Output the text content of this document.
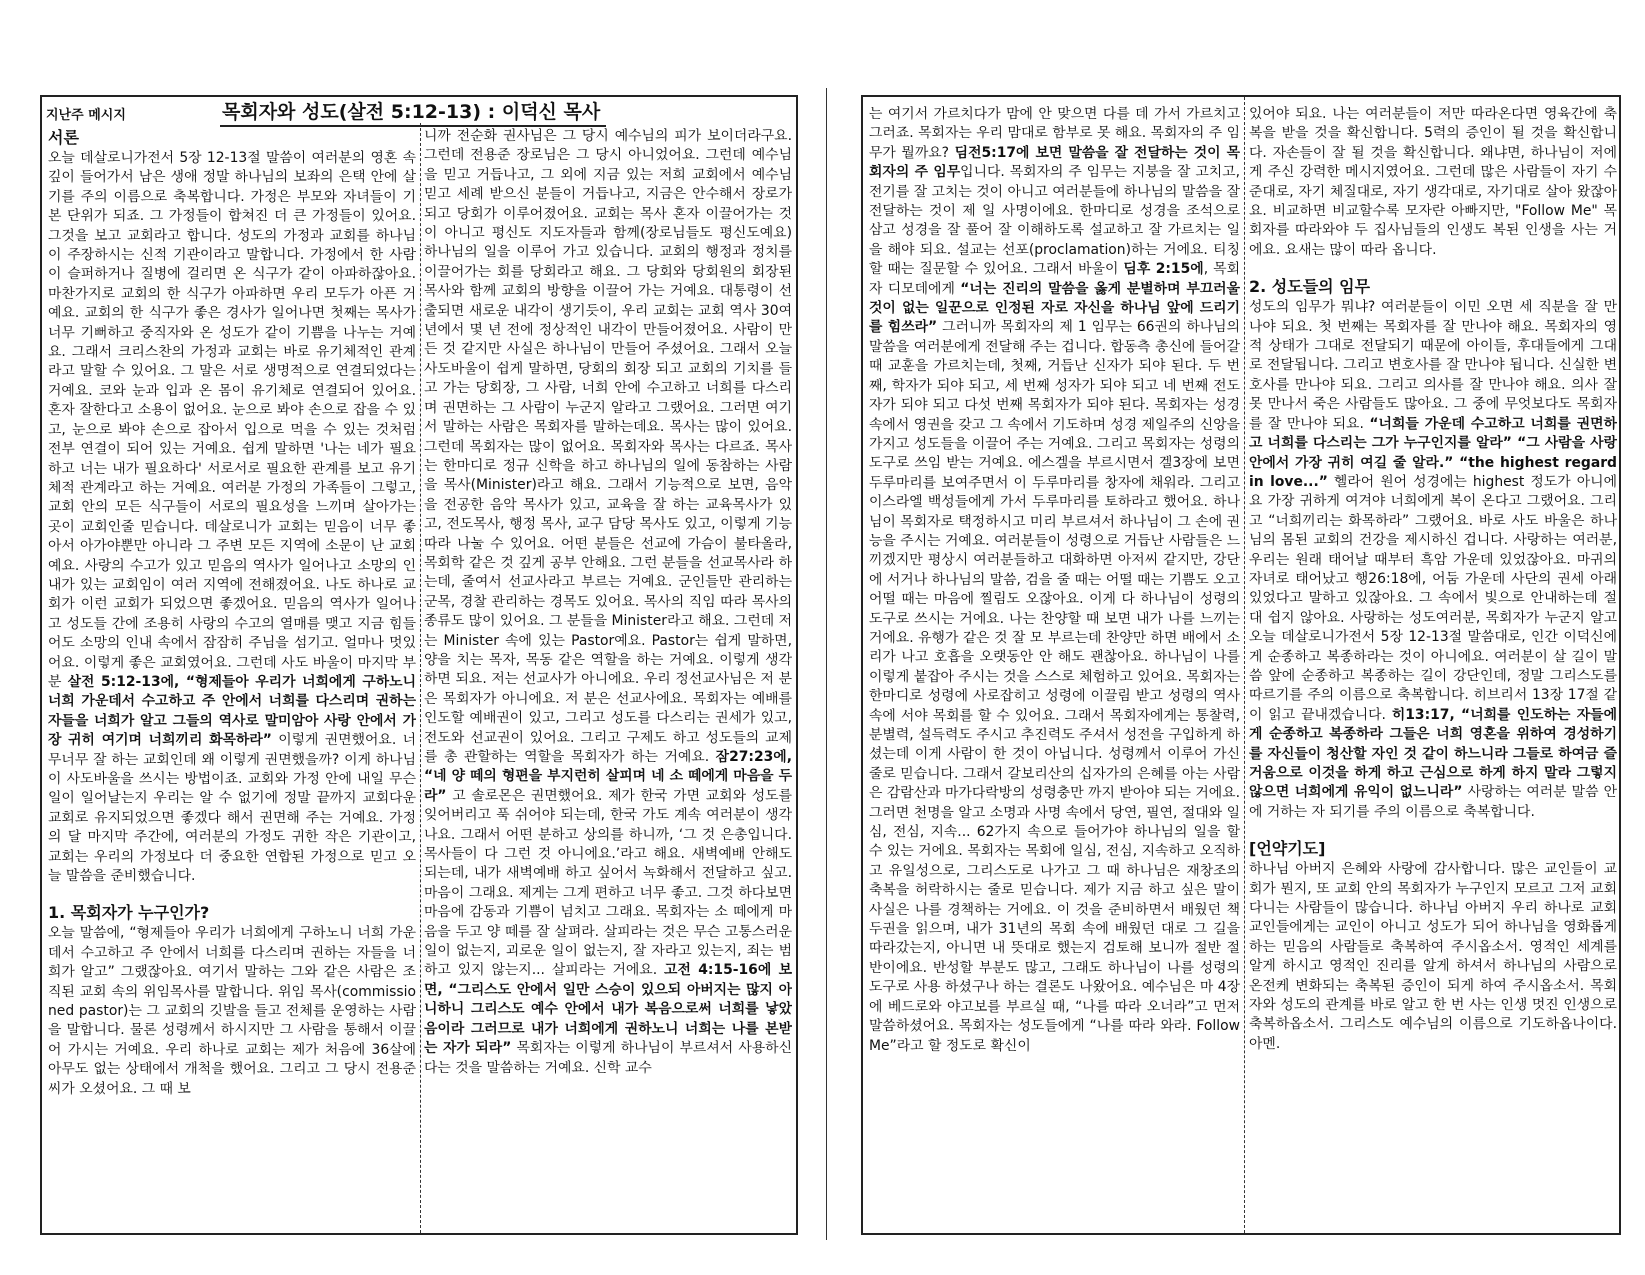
지난주 메시지	목회자와 성도(살전 5:12-13) : 이덕신 목사
서론

오늘 데살로니가전서 5장 12-13절 말씀이 여러분의 영혼 속 깊이 들어가서 남은 생애 정말 하나님의 보좌의 은택 안에 살기를 주의 이름으로 축복합니다. 가정은 부모와 자녀들이 기본 단위가 되죠. 그 가정들이 합쳐진 더 큰 가정들이 있어요. 그것을 보고 교회라고 합니다. 성도의 가정과 교회를 하나님이 주장하시는 신적 기관이라고 말합니다. 가정에서 한 사람이 슬퍼하거나 질병에 걸리면 온 식구가 같이 아파하잖아요. 마찬가지로 교회의 한 식구가 아파하면 우리 모두가 아픈 거예요. 교회의 한 식구가 좋은 경사가 일어나면 첫째는 목사가 너무 기뻐하고 중직자와 온 성도가 같이 기쁨을 나누는 거예요. 그래서 크리스찬의 가정과 교회는 바로 유기체적인 관계라고 말할 수 있어요. 그 말은 서로 생명적으로 연결되었다는 거예요. 코와 눈과 입과 온 몸이 유기체로 연결되어 있어요. 혼자 잘한다고 소용이 없어요. 눈으로 봐야 손으로 잡을 수 있고, 눈으로 봐야 손으로 잡아서 입으로 먹을 수 있는 것처럼 전부 연결이 되어 있는 거예요. 쉽게 말하면 '나는 네가 필요하고 너는 내가 필요하다' 서로서로 필요한 관계를 보고 유기체적 관계라고 하는 거예요. 여러분 가정의 가족들이 그렇고, 교회 안의 모든 식구들이 서로의 필요성을 느끼며 살아가는 곳이 교회인줄 믿습니다. 데살로니가 교회는 믿음이 너무 좋아서 아가야뿐만 아니라 그 주변 모든 지역에 소문이 난 교회예요. 사랑의 수고가 있고 믿음의 역사가 일어나고 소망의 인내가 있는 교회임이 여러 지역에 전해졌어요. 나도 하나로 교회가 이런 교회가 되었으면 좋겠어요. 믿음의 역사가 일어나고 성도들 간에 조용히 사랑의 수고의 열매를 맺고 지금 힘들어도 소망의 인내 속에서 잠잠히 주님을 섬기고. 얼마나 멋있어요. 이렇게 좋은 교회였어요. 그런데 사도 바울이 마지막 부분 살전 5:12-13에, “형제들아 우리가 너희에게 구하노니 너희 가운데서 수고하고 주 안에서 너희를 다스리며 권하는 자들을 너희가 알고 그들의 역사로 말미암아 사랑 안에서 가장 귀히 여기며 너희끼리 화목하라” 이렇게 권면했어요. 너무너무 잘 하는 교회인데 왜 이렇게 권면했을까? 이게 하나님이 사도바울을 쓰시는 방법이죠. 교회와 가정 안에 내일 무슨 일이 일어날는지 우리는 알 수 없기에 정말 끝까지 교회다운 교회로 유지되었으면 좋겠다 해서 권면해 주는 거예요. 가정의 달 마지막 주간에, 여러분의 가정도 귀한 작은 기관이고, 교회는 우리의 가정보다 더 중요한 연합된 가정으로 믿고 오늘 말씀을 준비했습니다.

1. 목회자가 누구인가?

오늘 말씀에, “형제들아 우리가 너희에게 구하노니 너희 가운데서 수고하고 주 안에서 너희를 다스리며 권하는 자들을 너희가 알고” 그랬잖아요. 여기서 말하는 그와 같은 사람은 조직된 교회 속의 위임목사를 말합니다. 위임 목사(commissioned pastor)는 그 교회의 깃발을 들고 전체를 운영하는 사람을 말합니다. 물론 성령께서 하시지만 그 사람을 통해서 이끌어 가시는 거예요. 우리 하나로 교회는 제가 처음에 36살에 아무도 없는 상태에서 개척을 했어요. 그리고 그 당시 전용준씨가 오셨어요. 그 때 보

니까 전순화 권사님은 그 당시 예수님의 피가 보이더라구요. 그런데 전용준 장로님은 그 당시 아니었어요. 그런데 예수님을 믿고 거듭나고, 그 외에 지금 있는 저희 교회에서 예수님 믿고 세례 받으신 분들이 거듭나고, 지금은 안수해서 장로가 되고 당회가 이루어졌어요. 교회는 목사 혼자 이끌어가는 것이 아니고 평신도 지도자들과 함께(장로님들도 평신도예요) 하나님의 일을 이루어 가고 있습니다. 교회의 행정과 정치를 이끌어가는 회를 당회라고 해요. 그 당회와 당회원의 회장된 목사와 함께 교회의 방향을 이끌어 가는 거예요. 대통령이 선출되면 새로운 내각이 생기듯이, 우리 교회는 교회 역사 30여년에서 몇 년 전에 정상적인 내각이 만들어졌어요. 사람이 만든 것 같지만 사실은 하나님이 만들어 주셨어요. 그래서 오늘 사도바울이 쉽게 말하면, 당회의 회장 되고 교회의 기치를 들고 가는 당회장, 그 사람, 너희 안에 수고하고 너희를 다스리며 권면하는 그 사람이 누군지 알라고 그랬어요. 그러면 여기서 말하는 사람은 목회자를 말하는데요. 목사는 많이 있어요. 그런데 목회자는 많이 없어요. 목회자와 목사는 다르죠. 목사는 한마디로 정규 신학을 하고 하나님의 일에 동참하는 사람을 목사(Minister)라고 해요. 그래서 기능적으로 보면, 음악을 전공한 음악 목사가 있고, 교육을 잘 하는 교육목사가 있고, 전도목사, 행정 목사, 교구 담당 목사도 있고, 이렇게 기능 따라 나눌 수 있어요. 어떤 분들은 선교에 가슴이 불타올라, 목회학 같은 것 깊게 공부 안해요. 그런 분들을 선교목사라 하는데, 줄여서 선교사라고 부르는 거예요. 군인들만 관리하는 군목, 경찰 관리하는 경목도 있어요. 목사의 직임 따라 목사의 종류도 많이 있어요. 그 분들을 Minister라고 해요. 그런데 저는 Minister 속에 있는 Pastor예요. Pastor는 쉽게 말하면, 양을 치는 목자, 목동 같은 역할을 하는 거예요. 이렇게 생각하면 되요. 저는 선교사가 아니에요. 우리 정선교사님은 저 분은 목회자가 아니에요. 저 분은 선교사에요. 목회자는 예배를 인도할 예배권이 있고, 그리고 성도를 다스리는 권세가 있고, 전도와 선교권이 있어요. 그리고 구제도 하고 성도들의 교제를 총 관할하는 역할을 목회자가 하는 거예요. 잠27:23에, “네 양 떼의 형편을 부지런히 살피며 네 소 떼에게 마음을 두라” 고 솔로몬은 권면했어요. 제가 한국 가면 교회와 성도를 잊어버리고 푹 쉬어야 되는데, 한국 가도 계속 여러분이 생각나요. 그래서 어떤 분하고 상의를 하니까, ‘그 것 은총입니다. 목사들이 다 그런 것 아니에요.’라고 해요. 새벽예배 안해도 되는데, 내가 새벽예배 하고 싶어서 녹화해서 전달하고 싶고. 마음이 그래요. 제게는 그게 편하고 너무 좋고. 그것 하다보면 마음에 감동과 기쁨이 넘치고 그래요. 목회자는 소 떼에게 마음을 두고 양 떼를 잘 살펴라. 살피라는 것은 무슨 고통스러운 일이 없는지, 괴로운 일이 없는지, 잘 자라고 있는지, 죄는 범하고 있지 않는지... 살피라는 거에요. 고전 4:15-16에 보면, “그리스도 안에서 일만 스승이 있으되 아버지는 많지 아니하니 그리스도 예수 안에서 내가 복음으로써 너희를 낳았음이라 그러므로 내가 너희에게 권하노니 너희는 나를 본받는 자가 되라” 목회자는 이렇게 하나님이 부르셔서 사용하신다는 것을 말씀하는 거예요. 신학 교수

는 여기서 가르치다가 맘에 안 맞으면 다를 데 가서 가르치고 그러죠. 목회자는 우리 맘대로 함부로 못 해요. 목회자의 주 임무가 뭘까요? 딤전5:17에 보면 말씀을 잘 전달하는 것이 목회자의 주 임무입니다. 목회자의 주 임무는 지붕을 잘 고치고, 전기를 잘 고치는 것이 아니고 여러분들에 하나님의 말씀을 잘 전달하는 것이 제 일 사명이에요. 한마디로 성경을 조석으로 삼고 성경을 잘 풀어 잘 이해하도록 설교하고 잘 가르치는 일을 해야 되요. 설교는 선포(proclamation)하는 거에요. 티칭할 때는 질문할 수 있어요. 그래서 바울이 딤후 2:15에, 목회자 디모데에게 “너는 진리의 말씀을 옳게 분별하며 부끄러울 것이 없는 일꾼으로 인정된 자로 자신을 하나님 앞에 드리기를 힘쓰라” 그러니까 목회자의 제 1 임무는 66권의 하나님의 말씀을 여러분에게 전달해 주는 겁니다. 합동측 총신에 들어갈 때 교훈을 가르치는데, 첫째, 거듭난 신자가 되야 된다. 두 번째, 학자가 되야 되고, 세 번째 성자가 되야 되고 네 번째 전도자가 되야 되고 다섯 번째 목회자가 되야 된다. 목회자는 성경 속에서 영권을 갖고 그 속에서 기도하며 성경 제일주의 신앙을 가지고 성도들을 이끌어 주는 거예요. 그리고 목회자는 성령의 도구로 쓰임 받는 거예요. 에스겔을 부르시면서 겔3장에 보면 두루마리를 보여주면서 이 두루마리를 창자에 채워라. 그리고 이스라엘 백성들에게 가서 두루마리를 토하라고 했어요. 하나님이 목회자로 택정하시고 미리 부르셔서 하나님이 그 손에 권능을 주시는 거예요. 여러분들이 성령으로 거듭난 사람들은 느끼겠지만 평상시 여러분들하고 대화하면 아저씨 같지만, 강단에 서거나 하나님의 말씀, 검을 줄 때는 어떨 때는 기쁨도 오고 어떨 때는 마음에 찔림도 오잖아요. 이게 다 하나님이 성령의 도구로 쓰시는 거에요. 나는 찬양할 때 보면 내가 나를 느끼는 거에요. 유행가 같은 것 잘 모 부르는데 찬양만 하면 배에서 소리가 나고 호흡을 오랫동안 안 해도 괜찮아요. 하나님이 나를 이렇게 붙잡아 주시는 것을 스스로 체험하고 있어요. 목회자는 한마디로 성령에 사로잡히고 성령에 이끌림 받고 성령의 역사 속에 서야 목회를 할 수 있어요. 그래서 목회자에게는 통찰력, 분별력, 설득력도 주시고 추진력도 주셔서 성전을 구입하게 하셨는데 이게 사람이 한 것이 아닙니다. 성령께서 이루어 가신 줄로 믿습니다. 그래서 갈보리산의 십자가의 은혜를 아는 사람은 감람산과 마가다락방의 성령충만 까지 받아야 되는 거에요. 그러면 천명을 알고 소명과 사명 속에서 당연, 필연, 절대와 일심, 전심, 지속... 62가지 속으로 들어가야 하나님의 일을 할 수 있는 거에요. 목회자는 목회에 일심, 전심, 지속하고 오직하고 유일성으로, 그리스도로 나가고 그 때 하나님은 재창조의 축복을 허락하시는 줄로 믿습니다. 제가 지금 하고 싶은 말이 사실은 나를 경책하는 거에요. 이 것을 준비하면서 배웠던 책 두권을 읽으며, 내가 31년의 목회 속에 배웠던 대로 그 길을 따라갔는지, 아니면 내 뜻대로 했는지 검토해 보니까 절반 절반이에요. 반성할 부분도 많고, 그래도 하나님이 나를 성령의 도구로 사용 하셨구나 하는 결론도 나왔어요. 예수님은 마 4장에 베드로와 야고보를 부르실 때, “나를 따라 오너라”고 먼저 말씀하셨어요. 목회자는 성도들에게 “나를 따라 와라. Follow Me”라고 할 정도로 확신이

있어야 되요. 나는 여러분들이 저만 따라온다면 영육간에 축복을 받을 것을 확신합니다. 5력의 증인이 될 것을 확신합니다. 자손들이 잘 될 것을 확신합니다. 왜냐면, 하나님이 저에게 주신 강력한 메시지였어요. 그런데 많은 사람들이 자기 수준대로, 자기 체질대로, 자기 생각대로, 자기대로 살아 왔잖아요. 비교하면 비교할수록 모자란 아빠지만, "Follow Me" 목회자를 따라와야 두 집사님들의 인생도 복된 인생을 사는 거에요. 요새는 많이 따라 옵니다.

2. 성도들의 임무

성도의 임무가 뭐냐? 여러분들이 이민 오면 세 직분을 잘 만나야 되요. 첫 번째는 목회자를 잘 만나야 해요. 목회자의 영적 상태가 그대로 전달되기 때문에 아이들, 후대들에게 그대로 전달됩니다. 그리고 변호사를 잘 만나야 됩니다. 신실한 변호사를 만나야 되요. 그리고 의사를 잘 만나야 해요. 의사 잘 못 만나서 죽은 사람들도 많아요. 그 중에 무엇보다도 목회자를 잘 만나야 되요. “너희들 가운데 수고하고 너희를 권면하고 너희를 다스리는 그가 누구인지를 알라” “그 사람을 사랑 안에서 가장 귀히 여길 줄 알라.” “the highest regard in love...” 헬라어 원어 성경에는 highest 정도가 아니에요 가장 귀하게 여겨야 너희에게 복이 온다고 그랬어요. 그리고 “너희끼리는 화목하라” 그랬어요. 바로 사도 바울은 하나님의 몸된 교회의 건강을 제시하신 겁니다. 사랑하는 여러분, 우리는 원래 태어날 때부터 흑암 가운데 있었잖아요. 마귀의 자녀로 태어났고 행26:18에, 어둠 가운데 사단의 권세 아래 있었다고 말하고 있잖아요. 그 속에서 빛으로 안내하는데 절대 쉽지 않아요. 사랑하는 성도여러분, 목회자가 누군지 알고 오늘 데살로니가전서 5장 12-13절 말씀대로, 인간 이덕신에게 순종하고 복종하라는 것이 아니에요. 여러분이 살 길이 말씀 앞에 순종하고 복종하는 길이 강단인데, 정말 그리스도를 따르기를 주의 이름으로 축복합니다. 히브리서 13장 17절 같이 읽고 끝내겠습니다. 히13:17, “너희를 인도하는 자들에게 순종하고 복종하라 그들은 너희 영혼을 위하여 경성하기를 자신들이 청산할 자인 것 같이 하느니라 그들로 하여금 즐거움으로 이것을 하게 하고 근심으로 하게 하지 말라 그렇지 않으면 너희에게 유익이 없느니라” 사랑하는 여러분 말씀 안에 거하는 자 되기를 주의 이름으로 축복합니다.

[언약기도]

하나님 아버지 은혜와 사랑에 감사합니다. 많은 교인들이 교회가 뭔지, 또 교회 안의 목회자가 누구인지 모르고 그저 교회 다니는 사람들이 많습니다. 하나님 아버지 우리 하나로 교회 교인들에게는 교인이 아니고 성도가 되어 하나님을 영화롭게 하는 믿음의 사람들로 축복하여 주시옵소서. 영적인 세계를 알게 하시고 영적인 진리를 알게 하셔서 하나님의 사람으로 온전케 변화되는 축복된 증인이 되게 하여 주시옵소서. 목회자와 성도의 관계를 바로 알고 한 번 사는 인생 멋진 인생으로 축복하옵소서. 그리스도 예수님의 이름으로 기도하옵나이다. 아멘.
